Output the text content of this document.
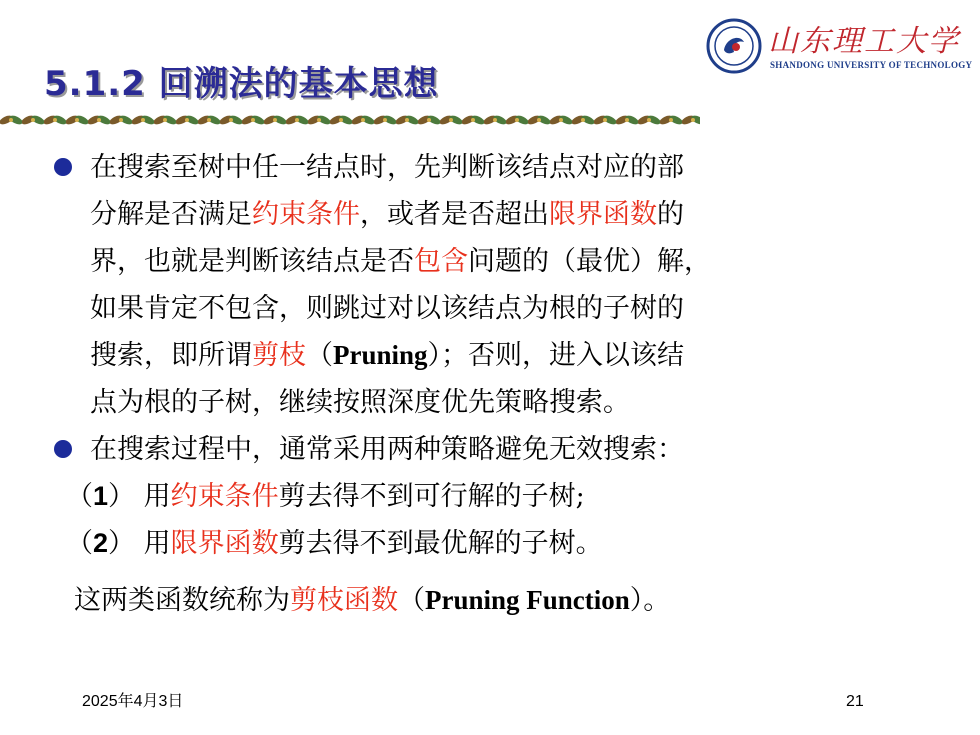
5.1.2 回溯法的基本思想
山东理工大学
SHANDONG UNIVERSITY OF TECHNOLOGY
在搜索至树中任一结点时，先判断该结点对应的部
分解是否满足约束条件，或者是否超出限界函数的
界，也就是判断该结点是否包含问题的（最优）解，
如果肯定不包含，则跳过对以该结点为根的子树的
搜索，即所谓剪枝（Pruning）；否则，进入以该结
点为根的子树，继续按照深度优先策略搜索。
在搜索过程中，通常采用两种策略避免无效搜索：
（1） 用约束条件剪去得不到可行解的子树;
（2） 用限界函数剪去得不到最优解的子树。
这两类函数统称为剪枝函数（Pruning Function）。
2025年4月3日	21
